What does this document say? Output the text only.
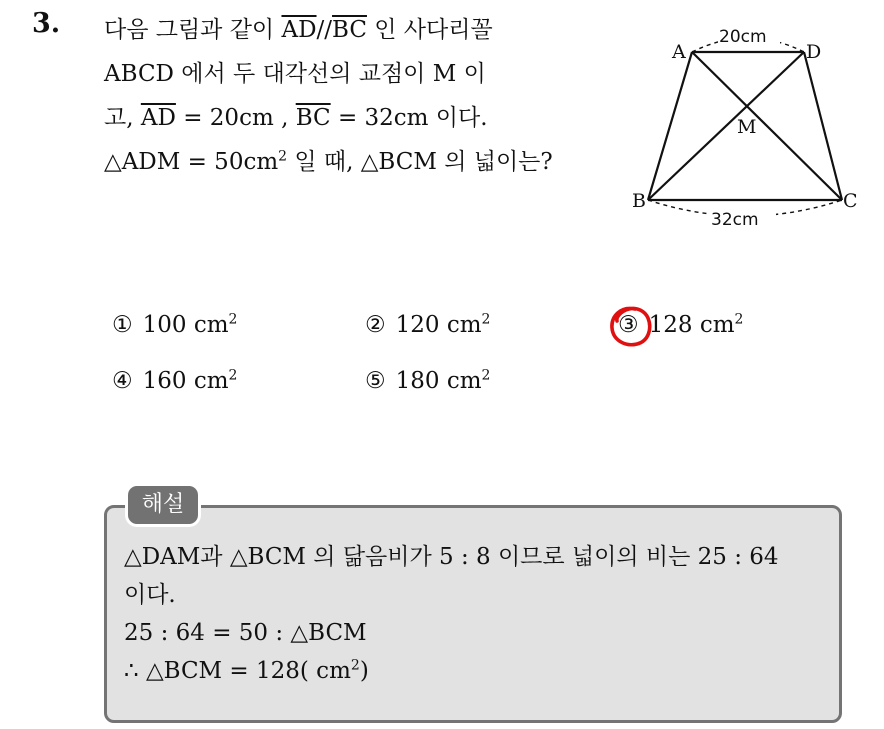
3. 다음 그림과 같이 $\overline{AD}//\overline{BC}$ 인 사다리꼴
ABCD 에서 두 대각선의 교점이 M 이
고, $\overline{AD} = 20cm$ , $\overline{BC} = 32cm$ 이다.
△ADM = $50cm^2$ 일 때, △BCM 의 넓이는?
A	D
B	C
M
20cm
32cm
① 100 $cm^2$	② 120 $cm^2$	③ 128 $cm^2$
④ 160 $cm^2$	⑤ 180 $cm^2$
해설
△DAM과 △BCM 의 닮음비가 5 : 8 이므로 넓이의 비는 25 : 64
이다.
25 : 64 = 50 : △BCM
∴ △BCM = 128( $cm^2$)
